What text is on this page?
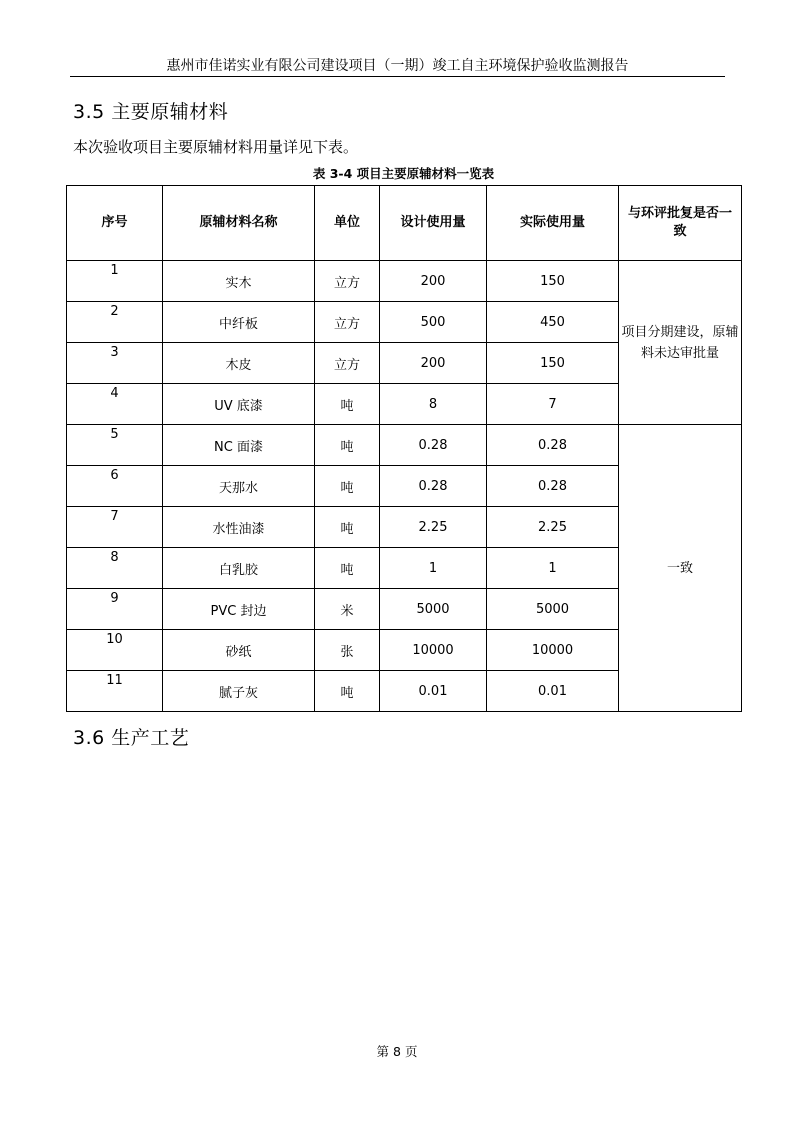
惠州市佳诺实业有限公司建设项目（一期）竣工自主环境保护验收监测报告
3.5 主要原辅材料
本次验收项目主要原辅材料用量详见下表。
表 3-4 项目主要原辅材料一览表
序号	原辅材料名称	单位	设计使用量	实际使用量	与环评批复是否一致

1	实木	立方	200	150	项目分期建设，原辅料未达审批量

2	中纤板	立方	500	450	

3	木皮	立方	200	150	

4	UV 底漆	吨	8	7	

5	NC 面漆	吨	0.28	0.28	一致

6	天那水	吨	0.28	0.28	

7	水性油漆	吨	2.25	2.25	

8	白乳胶	吨	1	1	

9	PVC 封边	米	5000	5000	

10	砂纸	张	10000	10000	

11	腻子灰	吨	0.01	0.01	
3.6 生产工艺
第 8 页
